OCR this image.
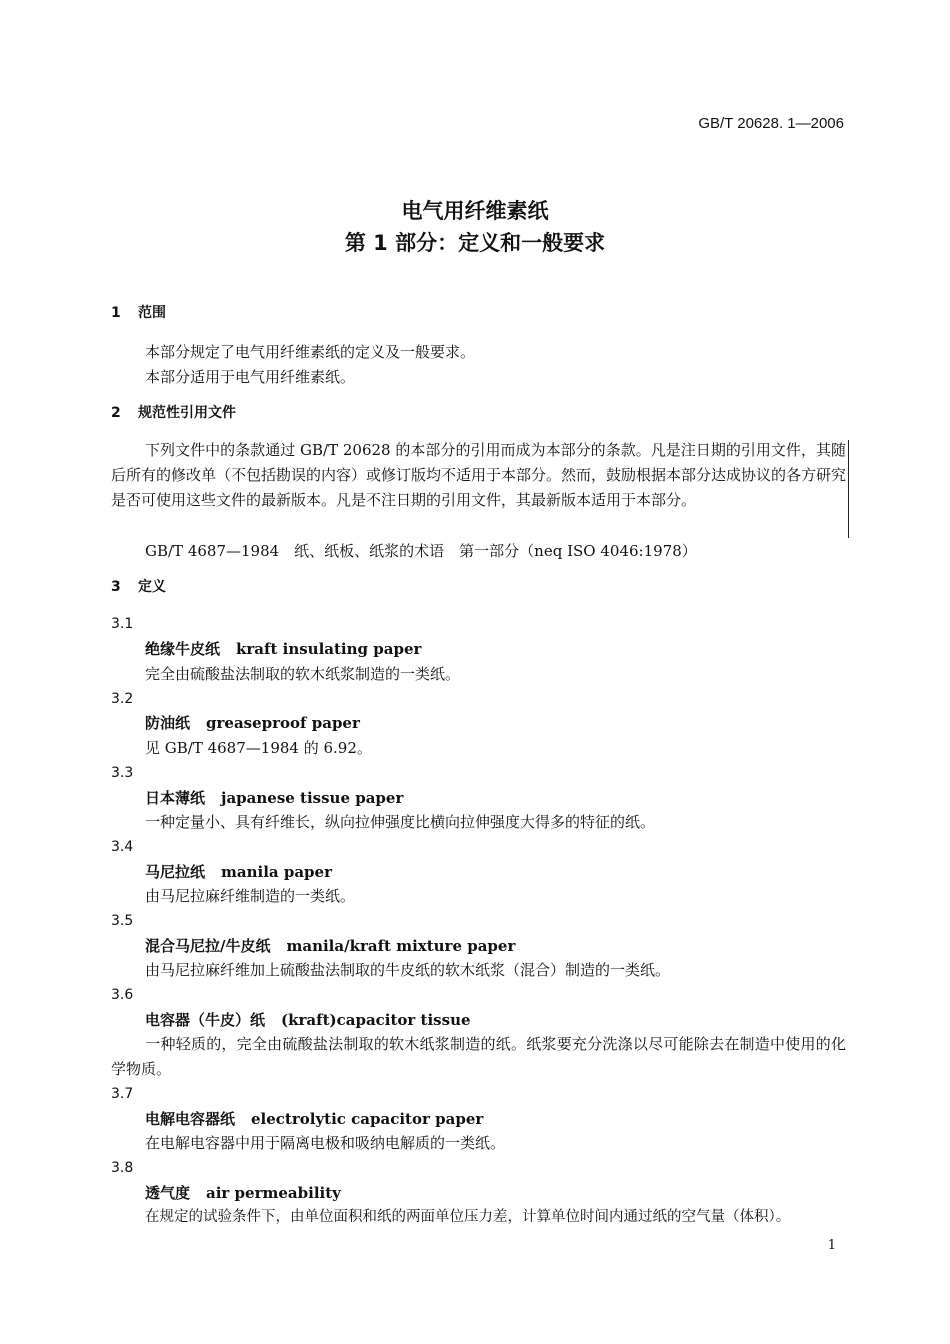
GB/T 20628. 1—2006
电气用纤维素纸
第 1 部分：定义和一般要求
1 范围
本部分规定了电气用纤维素纸的定义及一般要求。
本部分适用于电气用纤维素纸。
2 规范性引用文件
下列文件中的条款通过 GB/T 20628 的本部分的引用而成为本部分的条款。凡是注日期的引用文件，其随后所有的修改单（不包括勘误的内容）或修订版均不适用于本部分。然而，鼓励根据本部分达成协议的各方研究是否可使用这些文件的最新版本。凡是不注日期的引用文件，其最新版本适用于本部分。
GB/T 4687—1984　纸、纸板、纸浆的术语　第一部分（neq ISO 4046:1978）
3 定义
3.1
绝缘牛皮纸 kraft insulating paper
完全由硫酸盐法制取的软木纸浆制造的一类纸。
3.2
防油纸 greaseproof paper
见 GB/T 4687—1984 的 6.92。
3.3
日本薄纸 japanese tissue paper
一种定量小、具有纤维长，纵向拉伸强度比横向拉伸强度大得多的特征的纸。
3.4
马尼拉纸 manila paper
由马尼拉麻纤维制造的一类纸。
3.5
混合马尼拉/牛皮纸 manila/kraft mixture paper
由马尼拉麻纤维加上硫酸盐法制取的牛皮纸的软木纸浆（混合）制造的一类纸。
3.6
电容器（牛皮）纸 (kraft)capacitor tissue
一种轻质的，完全由硫酸盐法制取的软木纸浆制造的纸。纸浆要充分洗涤以尽可能除去在制造中使用的化学物质。
3.7
电解电容器纸 electrolytic capacitor paper
在电解电容器中用于隔离电极和吸纳电解质的一类纸。
3.8
透气度 air permeability
在规定的试验条件下，由单位面积和纸的两面单位压力差，计算单位时间内通过纸的空气量（体积）。
1
